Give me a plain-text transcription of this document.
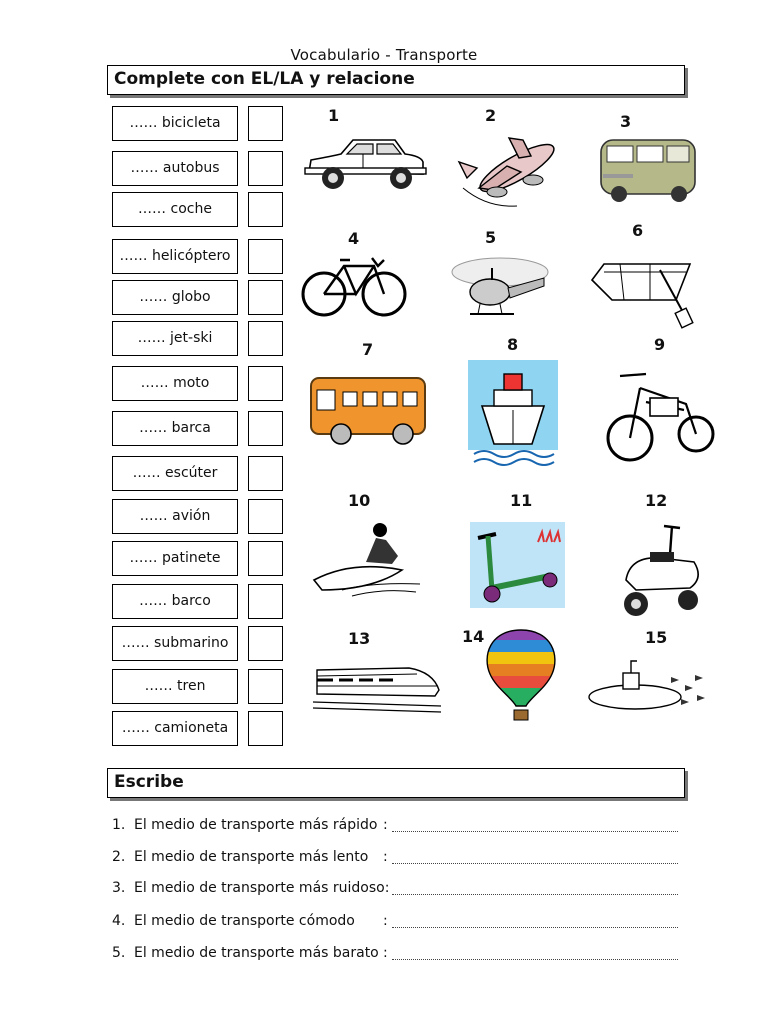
Vocabulario - Transporte
Complete con EL/LA y relacione
…… bicicleta
…… autobus
…… coche
…… helicóptero
…… globo
…… jet-ski
…… moto
…… barca
…… escúter
…… avión
…… patinete
…… barco
…… submarino
…… tren
…… camioneta
1	2	3
4	5	6
7	8	9
10	11	12
13	14	15
Escribe
1. El medio de transporte más rápido :
2. El medio de transporte más lento :
3. El medio de transporte más ruidoso:
4. El medio de transporte cómodo :
5. El medio de transporte más barato :
